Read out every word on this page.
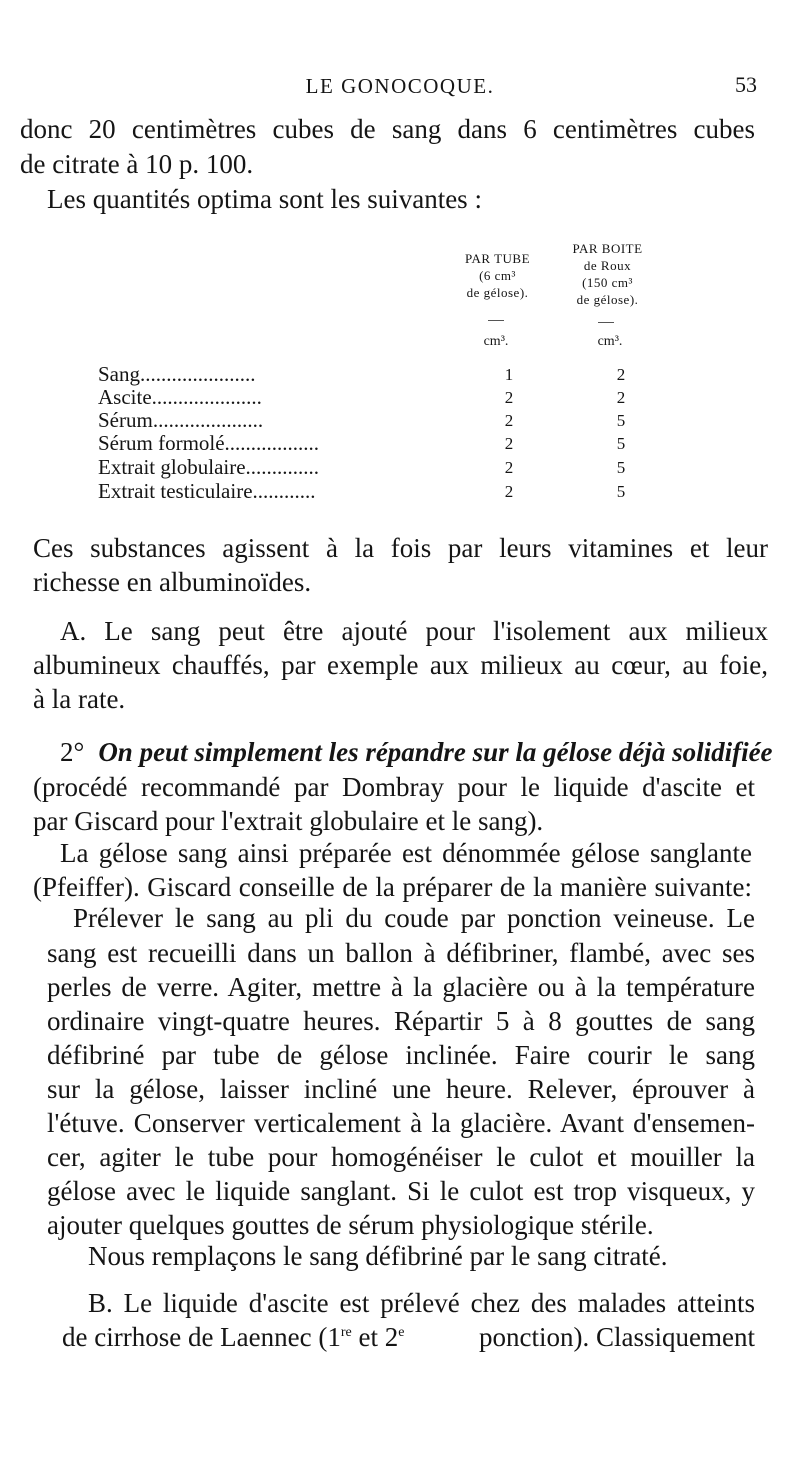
LE GONOCOQUE.	53
donc 20 centimètres cubes de sang dans 6 centimètres cubes
de citrate à 10 p. 100.
Les quantités optima sont les suivantes :
PAR TUBE
(6 cm³
de gélose).
PAR BOITE
de Roux
(150 cm³
de gélose).
cm³.	cm³.
Sang......................	1	2
Ascite.....................	2	2
Sérum.....................	2	5
Sérum formolé..................	2	5
Extrait globulaire..............	2	5
Extrait testiculaire............	2	5
Ces substances agissent à la fois par leurs vitamines et leur
richesse en albuminoïdes.
A. Le sang peut être ajouté pour l'isolement aux milieux
albumineux chauffés, par exemple aux milieux au cœur, au foie,
à la rate.
2° On peut simplement les répandre sur la gélose déjà solidifiée
(procédé recommandé par Dombray pour le liquide d'ascite et
par Giscard pour l'extrait globulaire et le sang).
La gélose sang ainsi préparée est dénommée gélose sanglante
(Pfeiffer). Giscard conseille de la préparer de la manière suivante:
Prélever le sang au pli du coude par ponction veineuse. Le
sang est recueilli dans un ballon à défibriner, flambé, avec ses
perles de verre. Agiter, mettre à la glacière ou à la température
ordinaire vingt-quatre heures. Répartir 5 à 8 gouttes de sang
défibriné par tube de gélose inclinée. Faire courir le sang
sur la gélose, laisser incliné une heure. Relever, éprouver à
l'étuve. Conserver verticalement à la glacière. Avant d'ensemen-
cer, agiter le tube pour homogénéiser le culot et mouiller la
gélose avec le liquide sanglant. Si le culot est trop visqueux, y
ajouter quelques gouttes de sérum physiologique stérile.
Nous remplaçons le sang défibriné par le sang citraté.
B. Le liquide d'ascite est prélevé chez des malades atteints
de cirrhose de Laennec (1re et 2e	ponction). Classiquement
